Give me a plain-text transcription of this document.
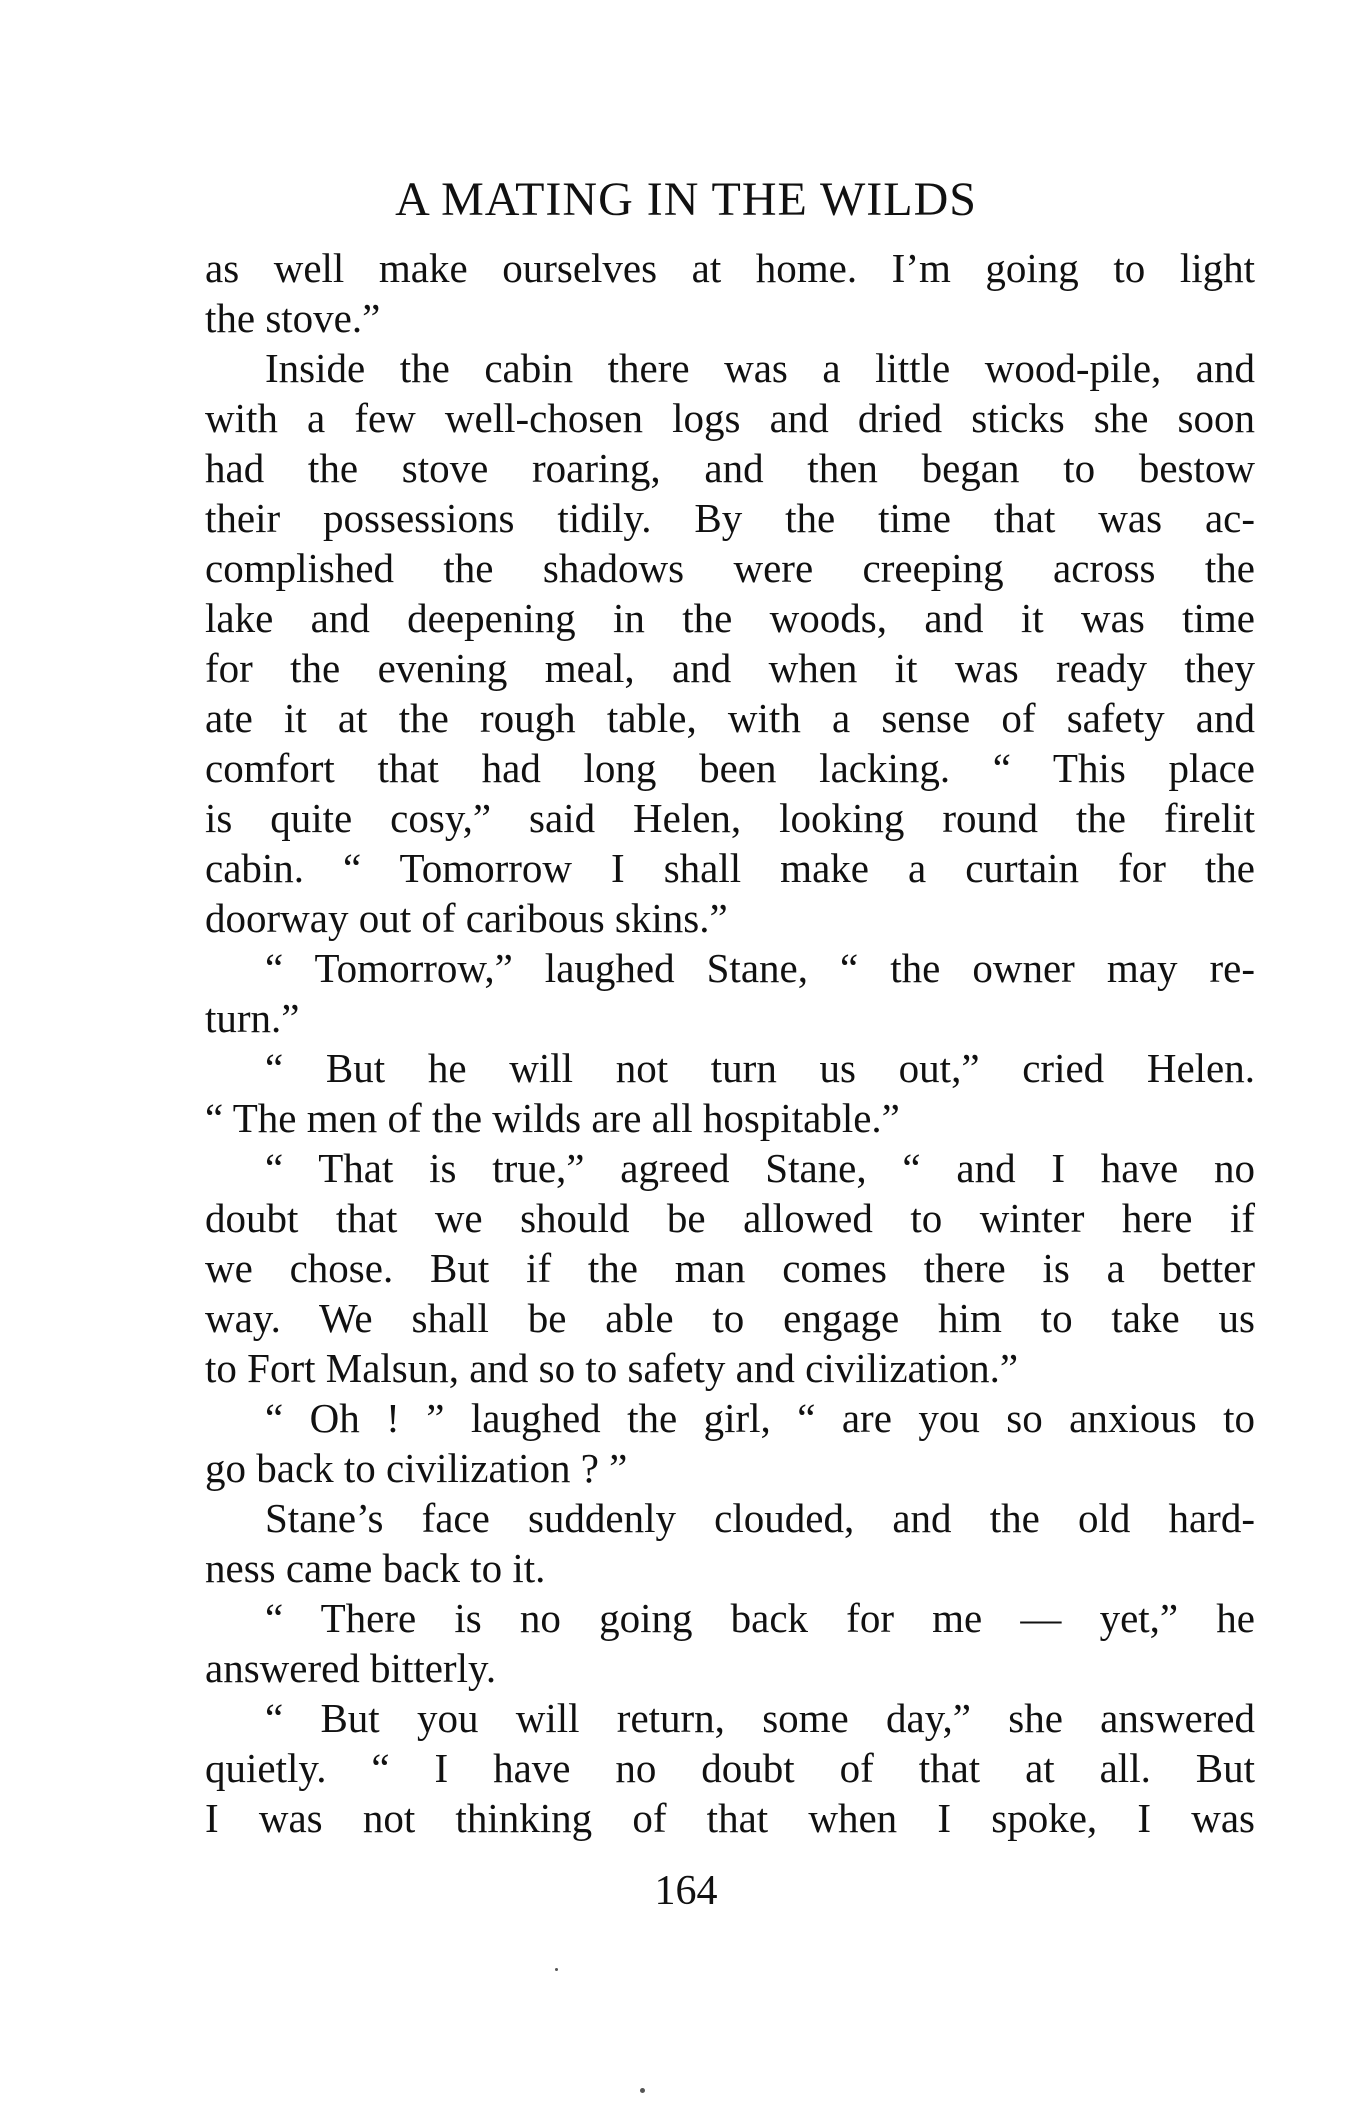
A MATING IN THE WILDS
as well make ourselves at home. I’m going to light
the stove.”
Inside the cabin there was a little wood-pile, and
with a few well-chosen logs and dried sticks she soon
had the stove roaring, and then began to bestow
their possessions tidily. By the time that was ac-
complished the shadows were creeping across the
lake and deepening in the woods, and it was time
for the evening meal, and when it was ready they
ate it at the rough table, with a sense of safety and
comfort that had long been lacking. “ This place
is quite cosy,” said Helen, looking round the firelit
cabin. “ Tomorrow I shall make a curtain for the
doorway out of caribous skins.”
“ Tomorrow,” laughed Stane, “ the owner may re-
turn.”
“ But he will not turn us out,” cried Helen.
“ The men of the wilds are all hospitable.”
“ That is true,” agreed Stane, “ and I have no
doubt that we should be allowed to winter here if
we chose. But if the man comes there is a better
way. We shall be able to engage him to take us
to Fort Malsun, and so to safety and civilization.”
“ Oh ! ” laughed the girl, “ are you so anxious to
go back to civilization ? ”
Stane’s face suddenly clouded, and the old hard-
ness came back to it.
“ There is no going back for me — yet,” he
answered bitterly.
“ But you will return, some day,” she answered
quietly. “ I have no doubt of that at all. But
I was not thinking of that when I spoke, I was
164
